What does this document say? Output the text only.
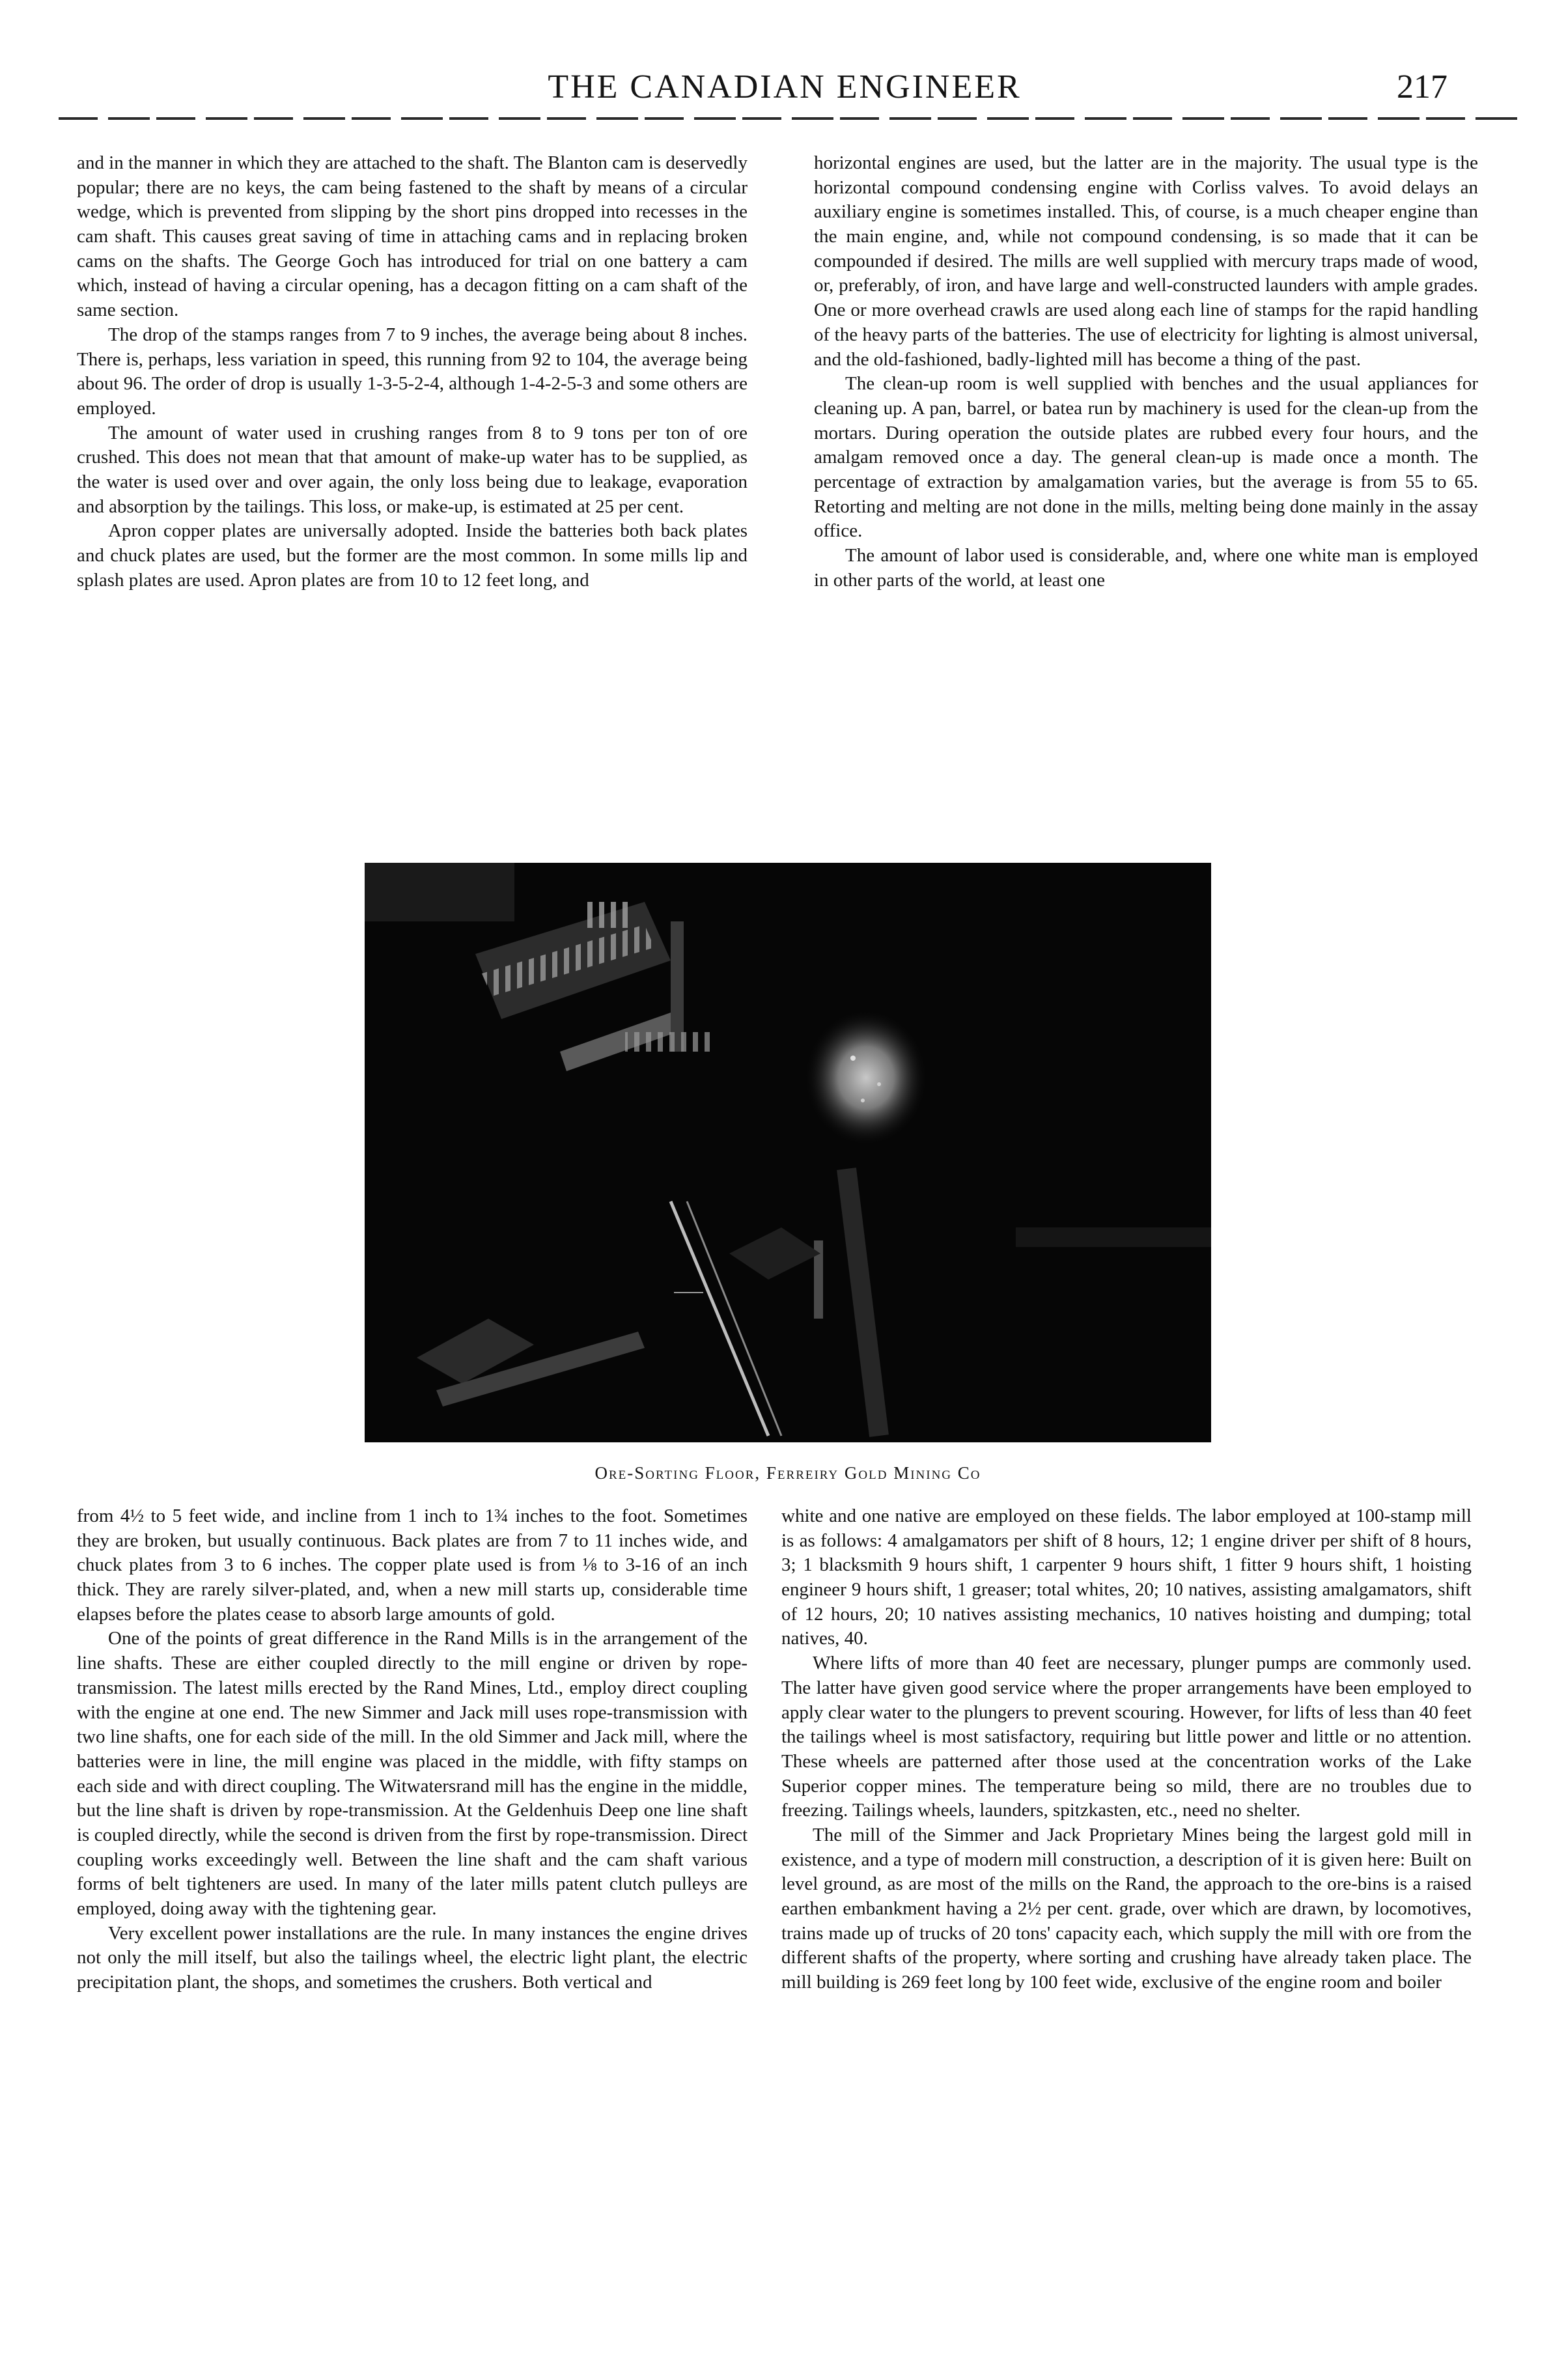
THE CANADIAN ENGINEER	217

and in the manner in which they are attached to the shaft. The Blanton cam is deservedly popular; there are no keys, the cam being fastened to the shaft by means of a circular wedge, which is prevented from slipping by the short pins dropped into recesses in the cam shaft. This causes great saving of time in attaching cams and in replacing broken cams on the shafts. The George Goch has introduced for trial on one battery a cam which, instead of having a circular opening, has a decagon fitting on a cam shaft of the same section.

The drop of the stamps ranges from 7 to 9 inches, the average being about 8 inches. There is, perhaps, less variation in speed, this running from 92 to 104, the average being about 96. The order of drop is usually 1-3-5-2-4, although 1-4-2-5-3 and some others are employed.

The amount of water used in crushing ranges from 8 to 9 tons per ton of ore crushed. This does not mean that that amount of make-up water has to be supplied, as the water is used over and over again, the only loss being due to leakage, evaporation and absorption by the tailings. This loss, or make-up, is estimated at 25 per cent.

Apron copper plates are universally adopted. Inside the batteries both back plates and chuck plates are used, but the former are the most common. In some mills lip and splash plates are used. Apron plates are from 10 to 12 feet long, and

horizontal engines are used, but the latter are in the majority. The usual type is the horizontal compound condensing engine with Corliss valves. To avoid delays an auxiliary engine is sometimes installed. This, of course, is a much cheaper engine than the main engine, and, while not compound condensing, is so made that it can be compounded if desired. The mills are well supplied with mercury traps made of wood, or, preferably, of iron, and have large and well-constructed launders with ample grades. One or more overhead crawls are used along each line of stamps for the rapid handling of the heavy parts of the batteries. The use of electricity for lighting is almost universal, and the old-fashioned, badly-lighted mill has become a thing of the past.

The clean-up room is well supplied with benches and the usual appliances for cleaning up. A pan, barrel, or batea run by machinery is used for the clean-up from the mortars. During operation the outside plates are rubbed every four hours, and the amalgam removed once a day. The general clean-up is made once a month. The percentage of extraction by amalgamation varies, but the average is from 55 to 65. Retorting and melting are not done in the mills, melting being done mainly in the assay office.

The amount of labor used is considerable, and, where one white man is employed in other parts of the world, at least one

Ore-Sorting Floor, Ferreiry Gold Mining Co

from 4½ to 5 feet wide, and incline from 1 inch to 1¾ inches to the foot. Sometimes they are broken, but usually continuous. Back plates are from 7 to 11 inches wide, and chuck plates from 3 to 6 inches. The copper plate used is from ⅛ to 3-16 of an inch thick. They are rarely silver-plated, and, when a new mill starts up, considerable time elapses before the plates cease to absorb large amounts of gold.

One of the points of great difference in the Rand Mills is in the arrangement of the line shafts. These are either coupled directly to the mill engine or driven by rope-transmission. The latest mills erected by the Rand Mines, Ltd., employ direct coupling with the engine at one end. The new Simmer and Jack mill uses rope-transmission with two line shafts, one for each side of the mill. In the old Simmer and Jack mill, where the batteries were in line, the mill engine was placed in the middle, with fifty stamps on each side and with direct coupling. The Witwatersrand mill has the engine in the middle, but the line shaft is driven by rope-transmission. At the Geldenhuis Deep one line shaft is coupled directly, while the second is driven from the first by rope-transmission. Direct coupling works exceedingly well. Between the line shaft and the cam shaft various forms of belt tighteners are used. In many of the later mills patent clutch pulleys are employed, doing away with the tightening gear.

Very excellent power installations are the rule. In many instances the engine drives not only the mill itself, but also the tailings wheel, the electric light plant, the electric precipitation plant, the shops, and sometimes the crushers. Both vertical and

white and one native are employed on these fields. The labor employed at 100-stamp mill is as follows: 4 amalgamators per shift of 8 hours, 12; 1 engine driver per shift of 8 hours, 3; 1 blacksmith 9 hours shift, 1 carpenter 9 hours shift, 1 fitter 9 hours shift, 1 hoisting engineer 9 hours shift, 1 greaser; total whites, 20; 10 natives, assisting amalgamators, shift of 12 hours, 20; 10 natives assisting mechanics, 10 natives hoisting and dumping; total natives, 40.

Where lifts of more than 40 feet are necessary, plunger pumps are commonly used. The latter have given good service where the proper arrangements have been employed to apply clear water to the plungers to prevent scouring. However, for lifts of less than 40 feet the tailings wheel is most satisfactory, requiring but little power and little or no attention. These wheels are patterned after those used at the concentration works of the Lake Superior copper mines. The temperature being so mild, there are no troubles due to freezing. Tailings wheels, launders, spitzkasten, etc., need no shelter.

The mill of the Simmer and Jack Proprietary Mines being the largest gold mill in existence, and a type of modern mill construction, a description of it is given here: Built on level ground, as are most of the mills on the Rand, the approach to the ore-bins is a raised earthen embankment having a 2½ per cent. grade, over which are drawn, by locomotives, trains made up of trucks of 20 tons' capacity each, which supply the mill with ore from the different shafts of the property, where sorting and crushing have already taken place. The mill building is 269 feet long by 100 feet wide, exclusive of the engine room and boiler
